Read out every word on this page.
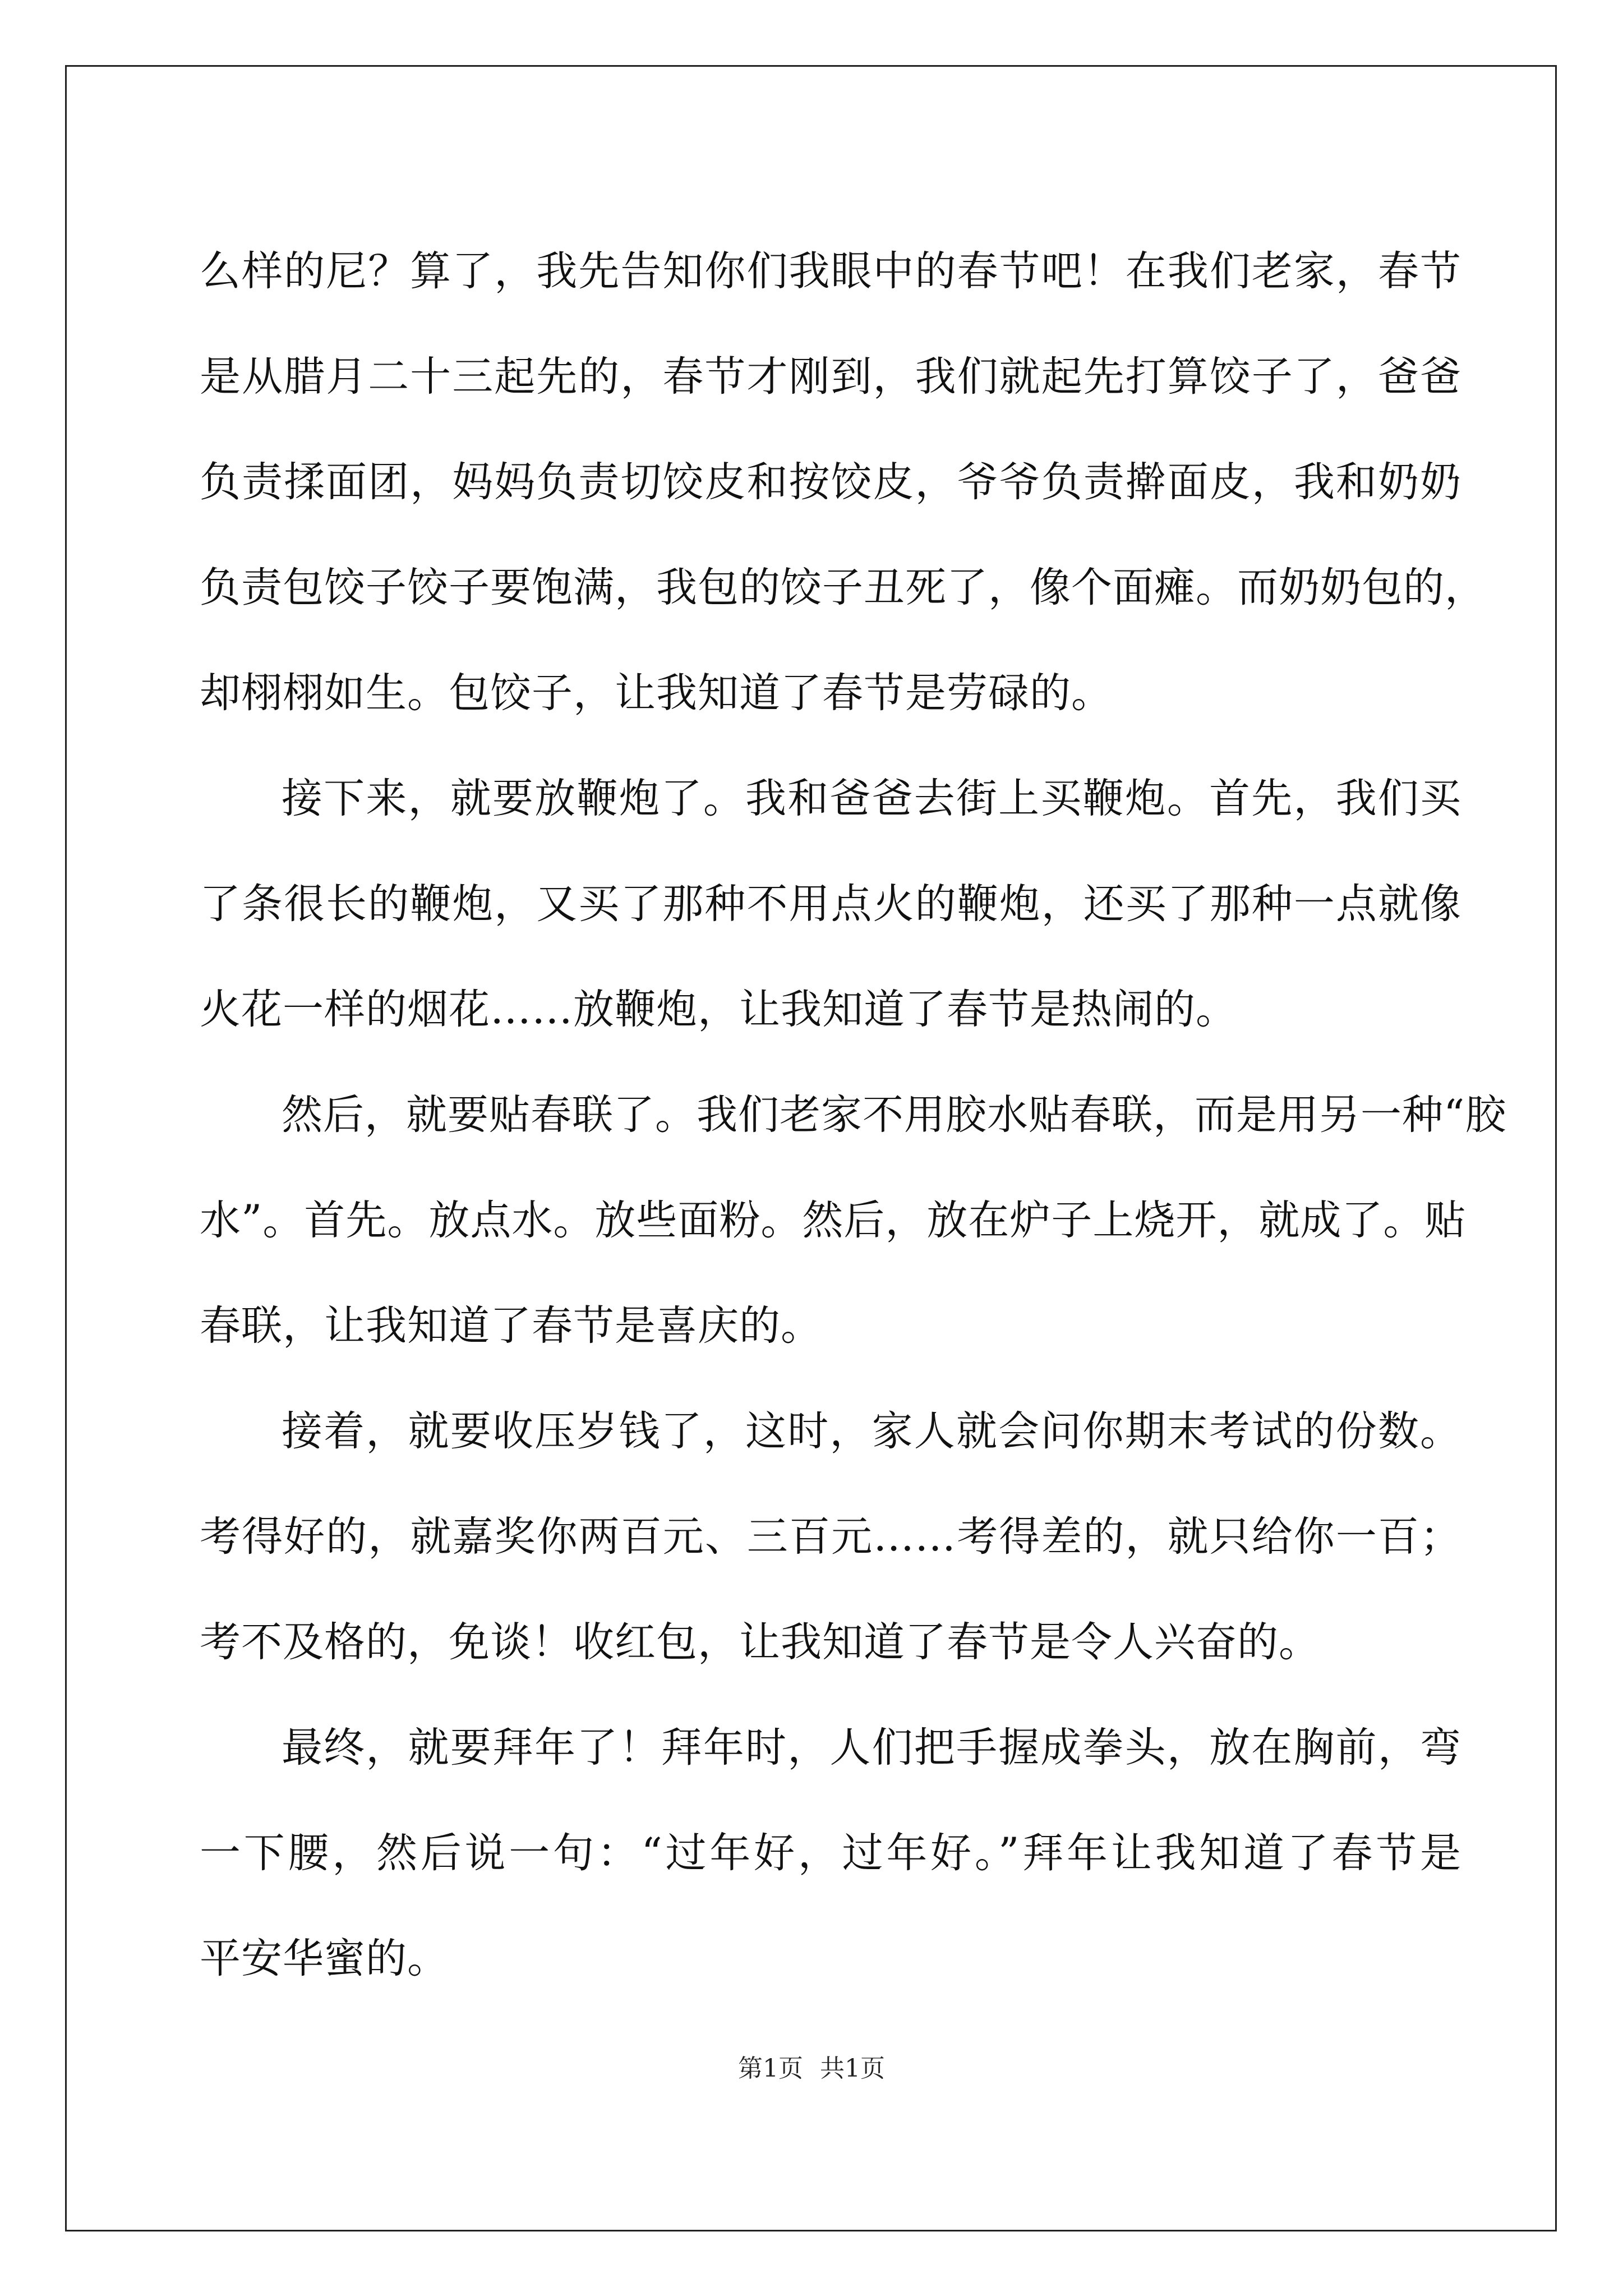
么样的尼？算了，我先告知你们我眼中的春节吧！在我们老家，春节
是从腊月二十三起先的，春节才刚到，我们就起先打算饺子了，爸爸
负责揉面团，妈妈负责切饺皮和按饺皮，爷爷负责擀面皮，我和奶奶
负责包饺子饺子要饱满，我包的饺子丑死了，像个面瘫。而奶奶包的，
却栩栩如生。包饺子，让我知道了春节是劳碌的。
接下来，就要放鞭炮了。我和爸爸去街上买鞭炮。首先，我们买
了条很长的鞭炮，又买了那种不用点火的鞭炮，还买了那种一点就像
火花一样的烟花……放鞭炮，让我知道了春节是热闹的。
然后，就要贴春联了。我们老家不用胶水贴春联，而是用另一种“胶
水”。首先。放点水。放些面粉。然后，放在炉子上烧开，就成了。贴
春联，让我知道了春节是喜庆的。
接着，就要收压岁钱了，这时，家人就会问你期末考试的份数。
考得好的，就嘉奖你两百元、三百元……考得差的，就只给你一百；
考不及格的，免谈！收红包，让我知道了春节是令人兴奋的。
最终，就要拜年了！拜年时，人们把手握成拳头，放在胸前，弯
一下腰，然后说一句：“过年好，过年好。”拜年让我知道了春节是
平安华蜜的。
第1页 共1页
